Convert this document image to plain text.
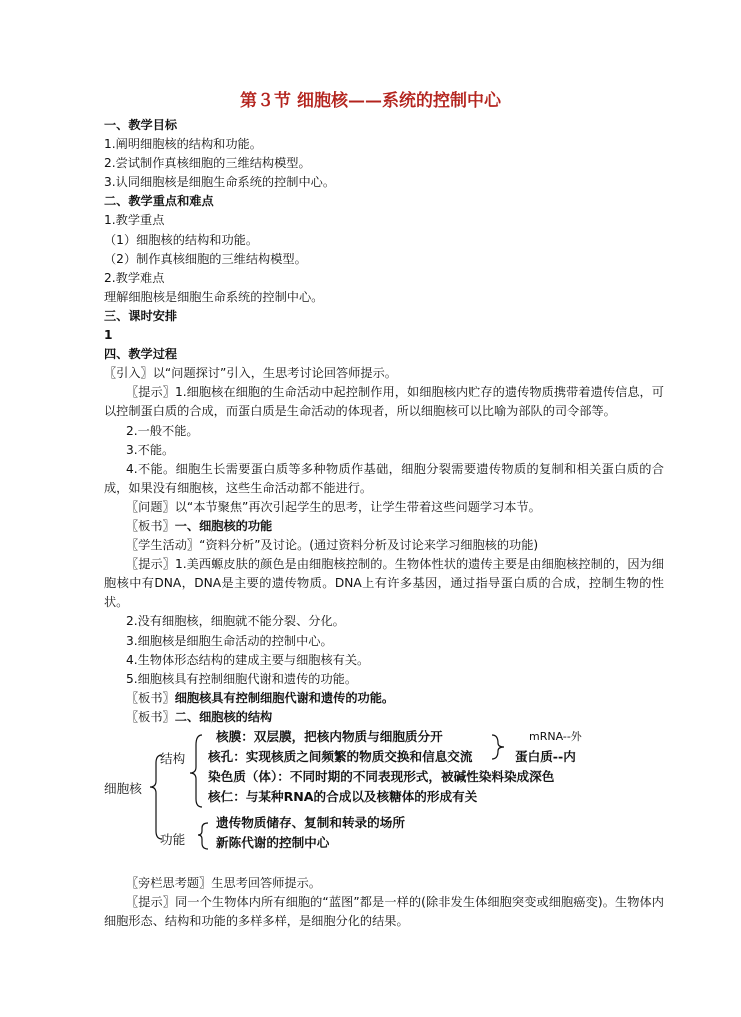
第３节 细胞核——系统的控制中心
一、教学目标
1.阐明细胞核的结构和功能。
2.尝试制作真核细胞的三维结构模型。
3.认同细胞核是细胞生命系统的控制中心。
二、教学重点和难点
1.教学重点
（1）细胞核的结构和功能。
（2）制作真核细胞的三维结构模型。
2.教学难点
理解细胞核是细胞生命系统的控制中心。
三、课时安排
1
四、教学过程
〖引入〗以“问题探讨”引入，生思考讨论回答师提示。
〖提示〗1.细胞核在细胞的生命活动中起控制作用，如细胞核内贮存的遗传物质携带着遗传信息，可以控制蛋白质的合成，而蛋白质是生命活动的体现者，所以细胞核可以比喻为部队的司令部等。
2.一般不能。
3.不能。
4.不能。细胞生长需要蛋白质等多种物质作基础，细胞分裂需要遗传物质的复制和相关蛋白质的合成，如果没有细胞核，这些生命活动都不能进行。
〖问题〗以“本节聚焦”再次引起学生的思考，让学生带着这些问题学习本节。
〖板书〗一、细胞核的功能
〖学生活动〗“资料分析”及讨论。(通过资料分析及讨论来学习细胞核的功能)
〖提示〗1.美西螈皮肤的颜色是由细胞核控制的。生物体性状的遗传主要是由细胞核控制的，因为细胞核中有DNA，DNA是主要的遗传物质。DNA上有许多基因，通过指导蛋白质的合成，控制生物的性状。
2.没有细胞核，细胞就不能分裂、分化。
3.细胞核是细胞生命活动的控制中心。
4.生物体形态结构的建成主要与细胞核有关。
5.细胞核具有控制细胞代谢和遗传的功能。
〖板书〗细胞核具有控制细胞代谢和遗传的功能。
〖板书〗二、细胞核的结构
细胞核
结构
功能
核膜：双层膜，把核内物质与细胞质分开
核孔：实现核质之间频繁的物质交换和信息交流
染色质（体）：不同时期的不同表现形式，被碱性染料染成深色
核仁：与某种RNA的合成以及核糖体的形成有关
mRNA--外
蛋白质--内
遗传物质储存、复制和转录的场所
新陈代谢的控制中心
〖旁栏思考题〗生思考回答师提示。
〖提示〗同一个生物体内所有细胞的“蓝图”都是一样的(除非发生体细胞突变或细胞癌变)。生物体内细胞形态、结构和功能的多样多样，是细胞分化的结果。
